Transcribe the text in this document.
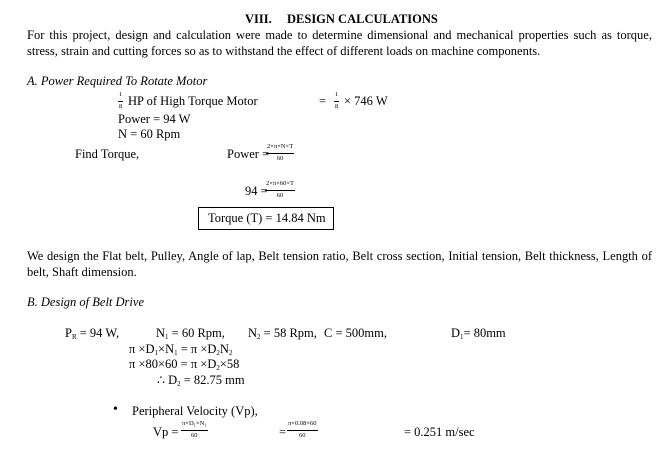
VIII. DESIGN CALCULATIONS
For this project, design and calculation were made to determine dimensional and mechanical properties such as torque, stress, strain and cutting forces so as to withstand the effect of different loads on machine components.
A. Power Required To Rotate Motor
1
8 HP of High Torque Motor	= 1
8 × 746 W
Power = 94 W
N = 60 Rpm
Find Torque,	Power =
2×π×N×T
60
94 =
2×π×60×T
60
Torque (T) = 14.84 Nm
We design the Flat belt, Pulley, Angle of lap, Belt tension ratio, Belt cross section, Initial tension, Belt thickness, Length of belt, Shaft dimension.
B. Design of Belt Drive
$P_R = 94$ W,	$N_1 = 60$ Rpm, $N_2 = 58$ Rpm, C = 500mm,	$D_1= 80mm$
$\pi \times D_1\times N_1 = \pi \times D_2N_2$
$\pi \times 80\times 60 = \pi \times D_2\times 58$
∴ $D_2 = 82.75$ mm
• Peripheral Velocity (Vp),
Vp =
π×D₁×N₁
60	=
π×0.08×60
60	= 0.251 m/sec
